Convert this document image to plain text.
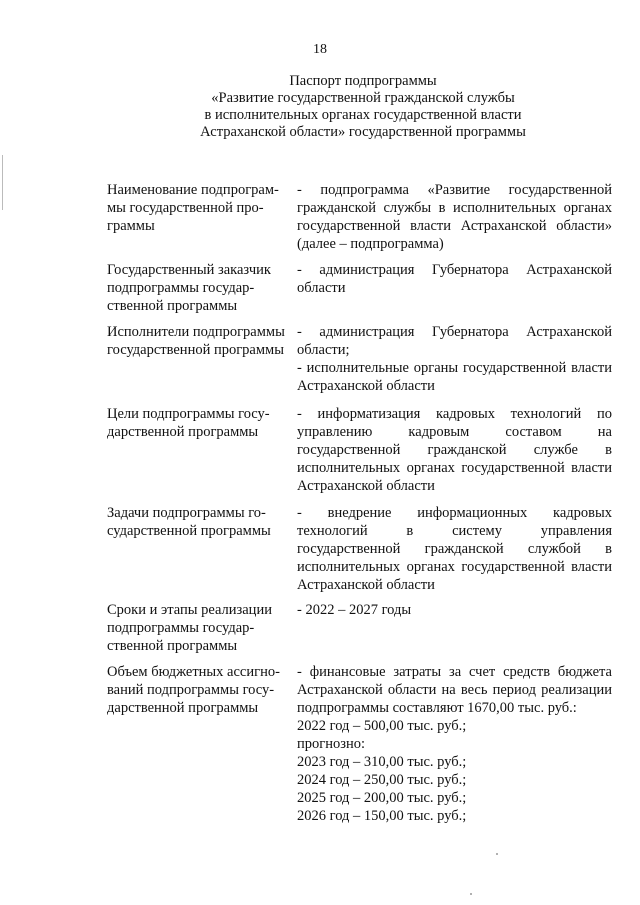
18
Паспорт подпрограммы
«Развитие государственной гражданской службы
в исполнительных органах государственной власти
Астраханской области» государственной программы
Наименование подпрограм-
мы государственной про-
граммы

- подпрограмма «Развитие государственной гражданской службы в исполнительных органах государственной власти Астраханской области» (далее – подпрограмма)

Государственный заказчик
подпрограммы государ-
ственной программы

- администрация Губернатора Астраханской области

Исполнители подпрограммы
государственной программы

- администрация Губернатора Астраханской области;

- исполнительные органы государственной власти Астраханской области

Цели подпрограммы госу-
дарственной программы

- информатизация кадровых технологий по управлению кадровым составом на государственной гражданской службе в исполнительных органах государственной власти Астраханской области

Задачи подпрограммы го-
сударственной программы

- внедрение информационных кадровых технологий в систему управления государственной гражданской службой в исполнительных органах государственной власти Астраханской области

Сроки и этапы реализации
подпрограммы государ-
ственной программы

- 2022 – 2027 годы

Объем бюджетных ассигно-
ваний подпрограммы госу-
дарственной программы

- финансовые затраты за счет средств бюджета Астраханской области на весь период реализации подпрограммы составляют 1670,00 тыс. руб.:

2022 год – 500,00 тыс. руб.;

прогнозно:

2023 год – 310,00 тыс. руб.;

2024 год – 250,00 тыс. руб.;

2025 год – 200,00 тыс. руб.;

2026 год – 150,00 тыс. руб.;
